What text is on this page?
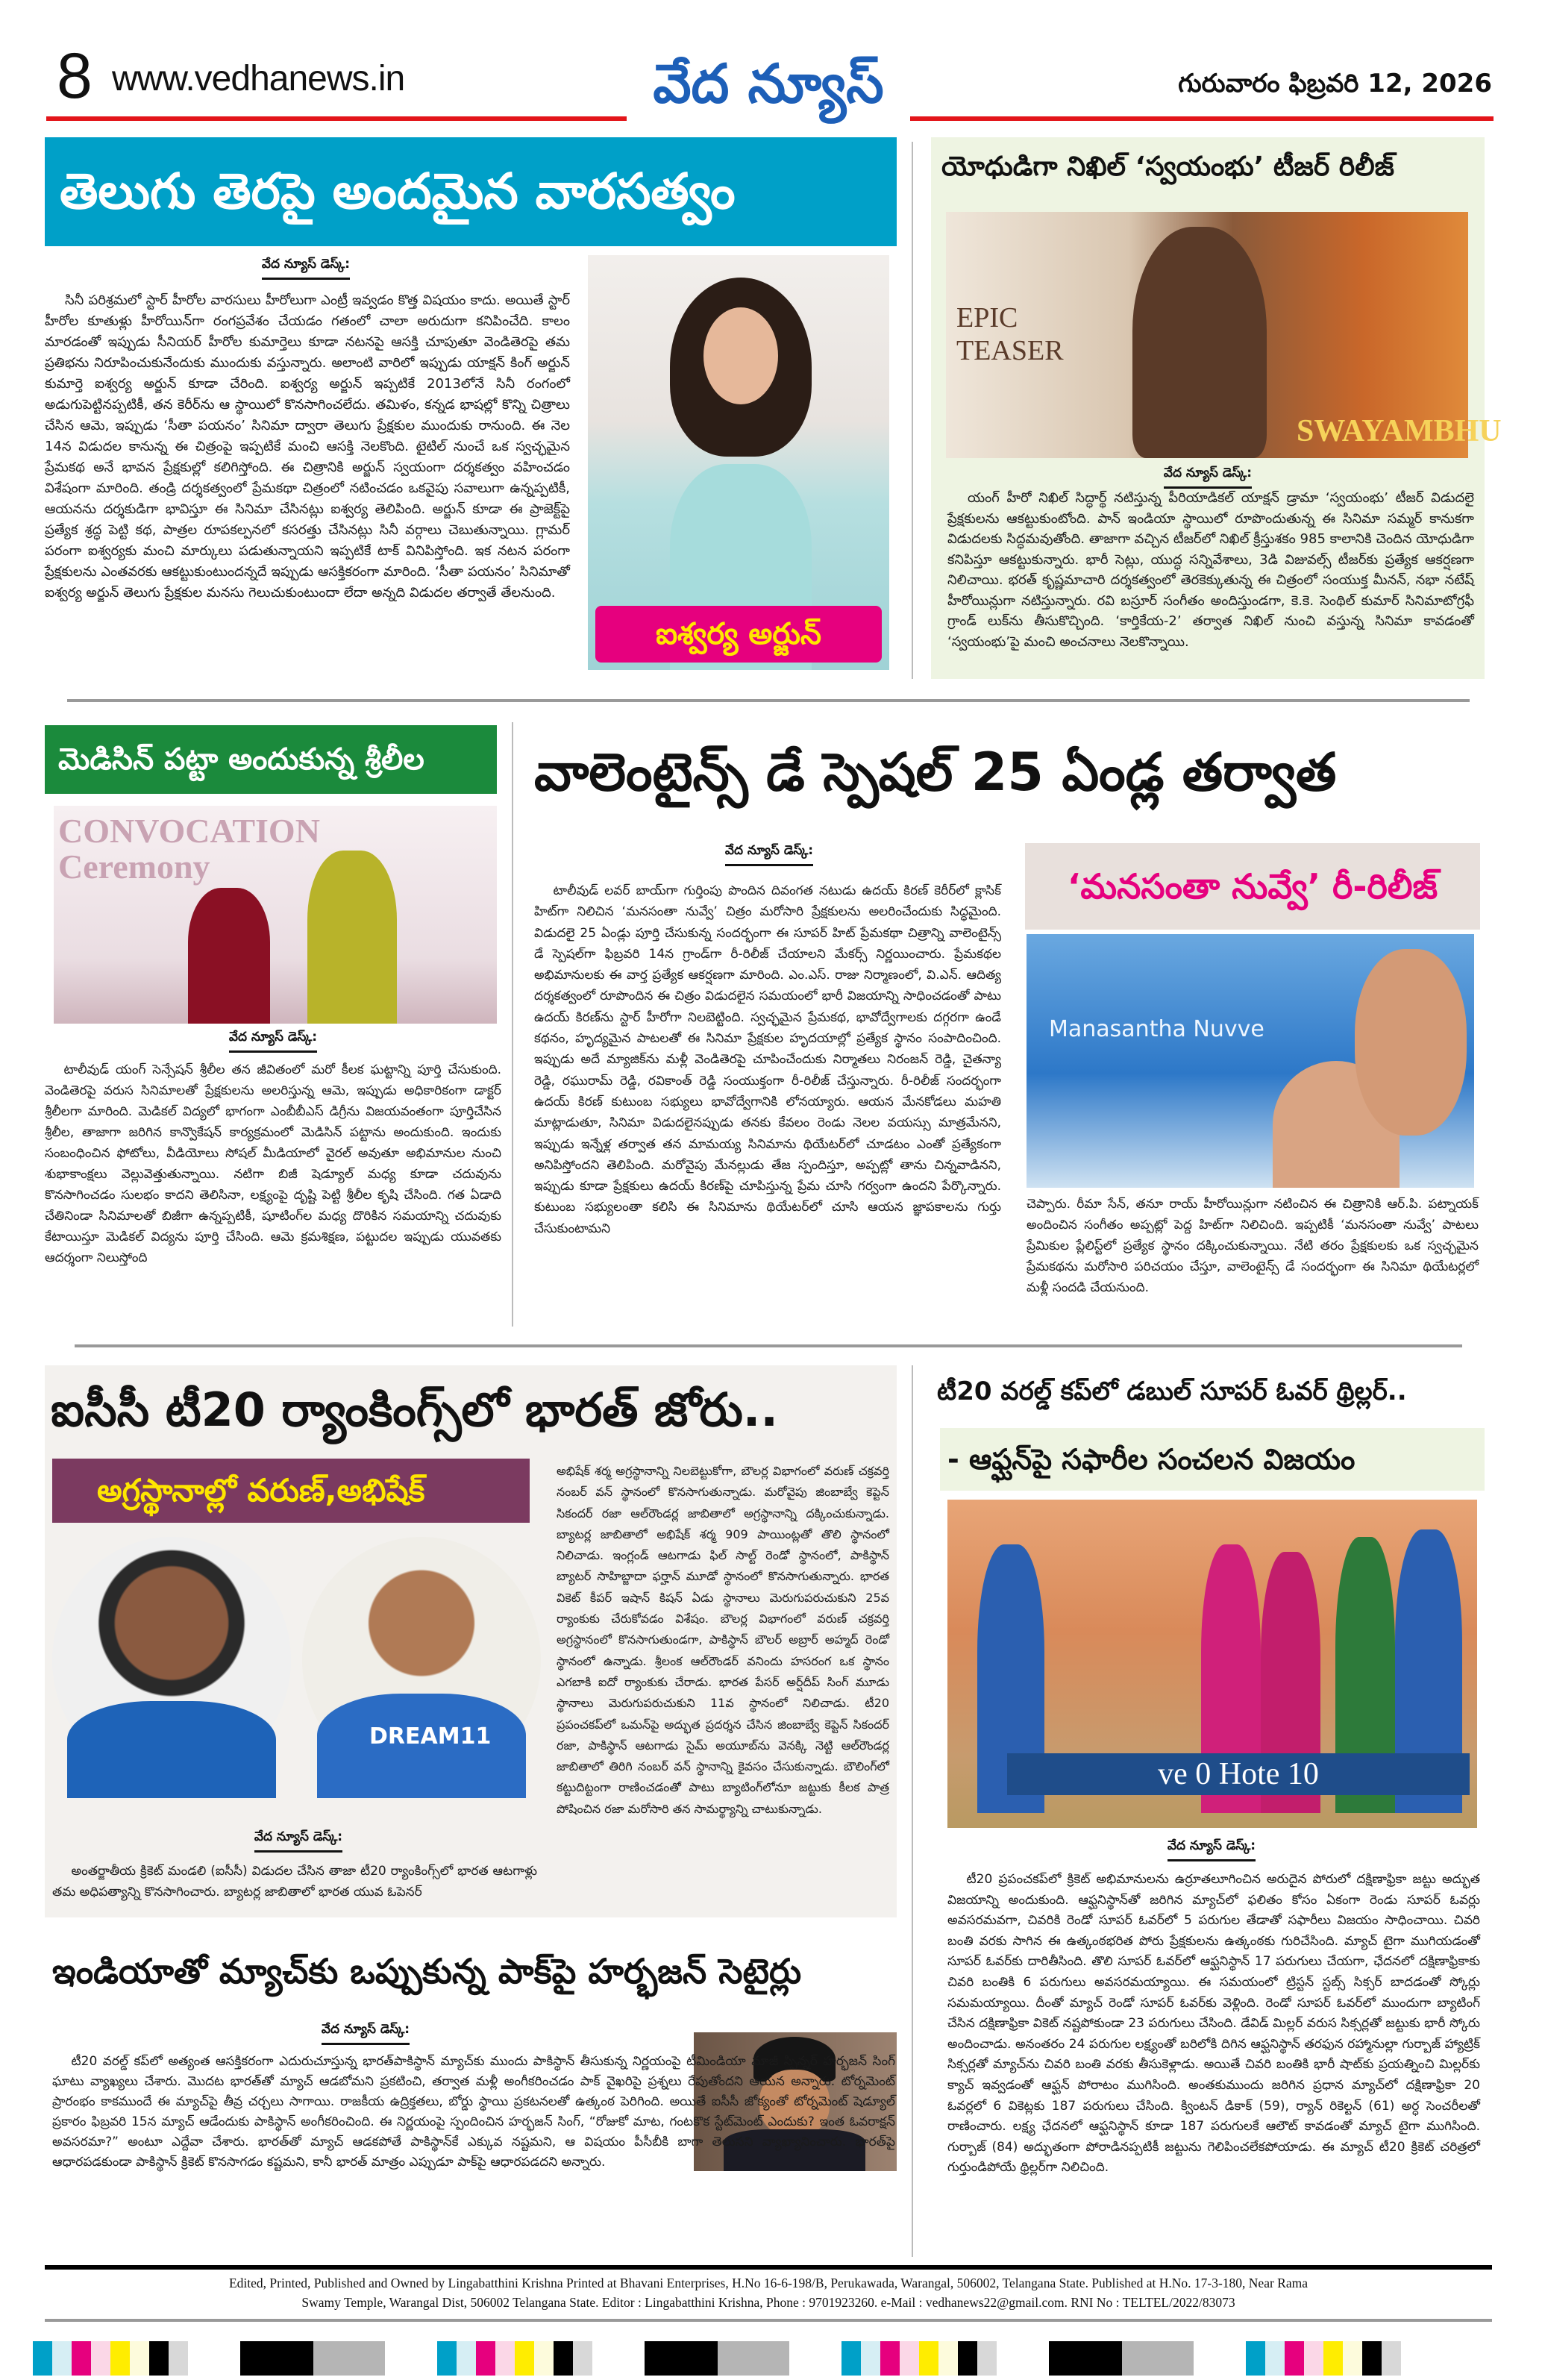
8 www.vedhanews.in	వేద న్యూస్	గురువారం ఫిబ్రవరి 12, 2026
తెలుగు తెరపై అందమైన వారసత్వం
వేద న్యూస్ డెస్క్:
సినీ పరిశ్రమలో స్టార్ హీరోల వారసులు హీరోలుగా ఎంట్రీ ఇవ్వడం కొత్త విషయం కాదు. అయితే స్టార్ హీరోల కూతుళ్లు హీరోయిన్‌గా రంగప్రవేశం చేయడం గతంలో చాలా అరుదుగా కనిపించేది. కాలం మారడంతో ఇప్పుడు సీనియర్ హీరోల కుమార్తెలు కూడా నటనపై ఆసక్తి చూపుతూ వెండితెరపై తమ ప్రతిభను నిరూపించుకునేందుకు ముందుకు వస్తున్నారు. అలాంటి వారిలో ఇప్పుడు యాక్షన్ కింగ్ అర్జున్ కుమార్తె ఐశ్వర్య అర్జున్ కూడా చేరింది. ఐశ్వర్య అర్జున్ ఇప్పటికే 2013లోనే సినీ రంగంలో అడుగుపెట్టినప్పటికీ, తన కెరీర్‌ను ఆ స్థాయిలో కొనసాగించలేదు. తమిళం, కన్నడ భాషల్లో కొన్ని చిత్రాలు చేసిన ఆమె, ఇప్పుడు ‘సీతా పయనం’ సినిమా ద్వారా తెలుగు ప్రేక్షకుల ముందుకు రానుంది. ఈ నెల 14న విడుదల కానున్న ఈ చిత్రంపై ఇప్పటికే మంచి ఆసక్తి నెలకొంది. టైటిల్ నుంచే ఒక స్వచ్ఛమైన ప్రేమకథ అనే భావన ప్రేక్షకుల్లో కలిగిస్తోంది. ఈ చిత్రానికి అర్జున్ స్వయంగా దర్శకత్వం వహించడం విశేషంగా మారింది. తండ్రి దర్శకత్వంలో ప్రేమకథా చిత్రంలో నటించడం ఒకవైపు సవాలుగా ఉన్నప్పటికీ, ఆయనను దర్శకుడిగా భావిస్తూ ఈ సినిమా చేసినట్లు ఐశ్వర్య తెలిపింది. అర్జున్ కూడా ఈ ప్రాజెక్ట్‌పై ప్రత్యేక శ్రద్ధ పెట్టి కథ, పాత్రల రూపకల్పనలో కసరత్తు చేసినట్లు సినీ వర్గాలు చెబుతున్నాయి. గ్లామర్ పరంగా ఐశ్వర్యకు మంచి మార్కులు పడుతున్నాయని ఇప్పటికే టాక్ వినిపిస్తోంది. ఇక నటన పరంగా ప్రేక్షకులను ఎంతవరకు ఆకట్టుకుంటుందన్నదే ఇప్పుడు ఆసక్తికరంగా మారింది. ‘సీతా పయనం’ సినిమాతో ఐశ్వర్య అర్జున్ తెలుగు ప్రేక్షకుల మనసు గెలుచుకుంటుందా లేదా అన్నది విడుదల తర్వాతే తేలనుంది.
ఐశ్వర్య అర్జున్
యోధుడిగా నిఖిల్ ‘స్వయంభు’ టీజర్ రిలీజ్
EPIC TEASER
SWAYAMBHU
వేద న్యూస్ డెస్క్:
యంగ్ హీరో నిఖిల్ సిద్ధార్థ్ నటిస్తున్న పీరియాడికల్ యాక్షన్ డ్రామా ‘స్వయంభు’ టీజర్ విడుదలై ప్రేక్షకులను ఆకట్టుకుంటోంది. పాన్ ఇండియా స్థాయిలో రూపొందుతున్న ఈ సినిమా సమ్మర్ కానుకగా విడుదలకు సిద్ధమవుతోంది. తాజాగా వచ్చిన టీజర్‌లో నిఖిల్ క్రీస్తుశకం 985 కాలానికి చెందిన యోధుడిగా కనిపిస్తూ ఆకట్టుకున్నారు. భారీ సెట్లు, యుద్ధ సన్నివేశాలు, 3డి విజువల్స్ టీజర్‌కు ప్రత్యేక ఆకర్షణగా నిలిచాయి. భరత్ కృష్ణమాచారి దర్శకత్వంలో తెరకెక్కుతున్న ఈ చిత్రంలో సంయుక్త మీనన్, నభా నటేష్ హీరోయిన్లుగా నటిస్తున్నారు. రవి బస్రూర్ సంగీతం అందిస్తుండగా, కె.కె. సెంథిల్ కుమార్ సినిమాటోగ్రఫీ గ్రాండ్ లుక్‌ను తీసుకొచ్చింది. ‘కార్తికేయ-2’ తర్వాత నిఖిల్ నుంచి వస్తున్న సినిమా కావడంతో ‘స్వయంభు’పై మంచి అంచనాలు నెలకొన్నాయి.
మెడిసిన్ పట్టా అందుకున్న శ్రీలీల
CONVOCATION Ceremony
వేద న్యూస్ డెస్క్:
టాలీవుడ్ యంగ్ సెన్సేషన్ శ్రీలీల తన జీవితంలో మరో కీలక ఘట్టాన్ని పూర్తి చేసుకుంది. వెండితెరపై వరుస సినిమాలతో ప్రేక్షకులను అలరిస్తున్న ఆమె, ఇప్పుడు అధికారికంగా డాక్టర్ శ్రీలీలగా మారింది. మెడికల్ విద్యలో భాగంగా ఎంబీబీఎస్ డిగ్రీను విజయవంతంగా పూర్తిచేసిన శ్రీలీల, తాజాగా జరిగిన కాన్వొకేషన్ కార్యక్రమంలో మెడిసిన్ పట్టాను అందుకుంది. ఇందుకు సంబంధించిన ఫోటోలు, వీడియోలు సోషల్ మీడియాలో వైరల్ అవుతూ అభిమానుల నుంచి శుభాకాంక్షలు వెల్లువెత్తుతున్నాయి. నటిగా బిజీ షెడ్యూల్ మధ్య కూడా చదువును కొనసాగించడం సులభం కాదని తెలిసినా, లక్ష్యంపై దృష్టి పెట్టి శ్రీలీల కృషి చేసింది. గత ఏడాది చేతినిండా సినిమాలతో బిజీగా ఉన్నప్పటికీ, షూటింగ్‌ల మధ్య దొరికిన సమయాన్ని చదువుకు కేటాయిస్తూ మెడికల్ విద్యను పూర్తి చేసింది. ఆమె క్రమశిక్షణ, పట్టుదల ఇప్పుడు యువతకు ఆదర్శంగా నిలుస్తోంది
వాలెంటైన్స్ డే స్పెషల్ 25 ఏండ్ల తర్వాత
వేద న్యూస్ డెస్క్:
టాలీవుడ్ లవర్ బాయ్‌గా గుర్తింపు పొందిన దివంగత నటుడు ఉదయ్ కిరణ్ కెరీర్‌లో క్లాసిక్ హిట్‌గా నిలిచిన ‘మనసంతా నువ్వే’ చిత్రం మరోసారి ప్రేక్షకులను అలరించేందుకు సిద్ధమైంది. విడుదలై 25 ఏండ్లు పూర్తి చేసుకున్న సందర్భంగా ఈ సూపర్ హిట్ ప్రేమకథా చిత్రాన్ని వాలెంటైన్స్ డే స్పెషల్‌గా ఫిబ్రవరి 14న గ్రాండ్‌గా రీ-రిలీజ్ చేయాలని మేకర్స్ నిర్ణయించారు. ప్రేమకథల అభిమానులకు ఈ వార్త ప్రత్యేక ఆకర్షణగా మారింది. ఎం.ఎస్. రాజు నిర్మాణంలో, వి.ఎన్. ఆదిత్య దర్శకత్వంలో రూపొందిన ఈ చిత్రం విడుదలైన సమయంలో భారీ విజయాన్ని సాధించడంతో పాటు ఉదయ్ కిరణ్‌ను స్టార్ హీరోగా నిలబెట్టింది. స్వచ్ఛమైన ప్రేమకథ, భావోద్వేగాలకు దగ్గరగా ఉండే కథనం, హృద్యమైన పాటలతో ఈ సినిమా ప్రేక్షకుల హృదయాల్లో ప్రత్యేక స్థానం సంపాదించింది. ఇప్పుడు అదే మ్యాజిక్‌ను మళ్లీ వెండితెరపై చూపించేందుకు నిర్మాతలు నిరంజన్ రెడ్డి, చైతన్యా రెడ్డి, రఘురామ్ రెడ్డి, రవికాంత్ రెడ్డి సంయుక్తంగా రీ-రిలీజ్ చేస్తున్నారు. రీ-రిలీజ్ సందర్భంగా ఉదయ్ కిరణ్ కుటుంబ సభ్యులు భావోద్వేగానికి లోనయ్యారు. ఆయన మేనకోడలు మహతి మాట్లాడుతూ, సినిమా విడుదలైనప్పుడు తనకు కేవలం రెండు నెలల వయస్సు మాత్రమేనని, ఇప్పుడు ఇన్నేళ్ల తర్వాత తన మామయ్య సినిమాను థియేటర్‌లో చూడటం ఎంతో ప్రత్యేకంగా అనిపిస్తోందని తెలిపింది. మరోవైపు మేనల్లుడు తేజ స్పందిస్తూ, అప్పట్లో తాను చిన్నవాడినని, ఇప్పుడు కూడా ప్రేక్షకులు ఉదయ్ కిరణ్‌పై చూపిస్తున్న ప్రేమ చూసి గర్వంగా ఉందని పేర్కొన్నారు. కుటుంబ సభ్యులంతా కలిసి ఈ సినిమాను థియేటర్‌లో చూసి ఆయన జ్ఞాపకాలను గుర్తు చేసుకుంటామని
‘మనసంతా నువ్వే’ రీ-రిలీజ్
Manasantha Nuvve
చెప్పారు. రీమా సేన్, తనూ రాయ్ హీరోయిన్లుగా నటించిన ఈ చిత్రానికి ఆర్.పి. పట్నాయక్ అందించిన సంగీతం అప్పట్లో పెద్ద హిట్‌గా నిలిచింది. ఇప్పటికీ ‘మనసంతా నువ్వే’ పాటలు ప్రేమికుల ప్లేలిస్ట్‌లో ప్రత్యేక స్థానం దక్కించుకున్నాయి. నేటి తరం ప్రేక్షకులకు ఒక స్వచ్ఛమైన ప్రేమకథను మరోసారి పరిచయం చేస్తూ, వాలెంటైన్స్ డే సందర్భంగా ఈ సినిమా థియేటర్లలో మళ్లీ సందడి చేయనుంది.
ఐసీసీ టీ20 ర్యాంకింగ్స్‌లో భారత్ జోరు..
అగ్రస్థానాల్లో వరుణ్,అభిషేక్
DREAM11
వేద న్యూస్ డెస్క్:
అంతర్జాతీయ క్రికెట్ మండలి (ఐసీసీ) విడుదల చేసిన తాజా టీ20 ర్యాంకింగ్స్‌లో భారత ఆటగాళ్లు తమ అధిపత్యాన్ని కొనసాగించారు. బ్యాటర్ల జాబితాలో భారత యువ ఓపెనర్
అభిషేక్ శర్మ అగ్రస్థానాన్ని నిలబెట్టుకోగా, బౌలర్ల విభాగంలో వరుణ్ చక్రవర్తి నంబర్ వన్ స్థానంలో కొనసాగుతున్నాడు. మరోవైపు జింబాబ్వే కెప్టెన్ సికందర్ రజా ఆల్‌రౌండర్ల జాబితాలో అగ్రస్థానాన్ని దక్కించుకున్నాడు. బ్యాటర్ల జాబితాలో అభిషేక్ శర్మ 909 పాయింట్లతో తొలి స్థానంలో నిలిచాడు. ఇంగ్లండ్ ఆటగాడు ఫిల్ సాల్ట్ రెండో స్థానంలో, పాకిస్థాన్ బ్యాటర్ సాహిబ్జాదా ఫర్హాన్ మూడో స్థానంలో కొనసాగుతున్నారు. భారత వికెట్ కీపర్ ఇషాన్ కిషన్ ఏడు స్థానాలు మెరుగుపరుచుకుని 25వ ర్యాంకుకు చేరుకోవడం విశేషం. బౌలర్ల విభాగంలో వరుణ్ చక్రవర్తి అగ్రస్థానంలో కొనసాగుతుండగా, పాకిస్థాన్ బౌలర్ అబ్రార్ అహ్మద్ రెండో స్థానంలో ఉన్నాడు. శ్రీలంక ఆల్‌రౌండర్ వనిందు హసరంగ ఒక స్థానం ఎగబాకి ఐదో ర్యాంకుకు చేరాడు. భారత పేసర్ అర్ష్‌దీప్ సింగ్ మూడు స్థానాలు మెరుగుపరుచుకుని 11వ స్థానంలో నిలిచాడు. టీ20 ప్రపంచకప్‌లో ఒమన్‌పై అద్భుత ప్రదర్శన చేసిన జింబాబ్వే కెప్టెన్ సికందర్ రజా, పాకిస్థాన్ ఆటగాడు సైమ్ అయూబ్‌ను వెనక్కి నెట్టి ఆల్‌రౌండర్ల జాబితాలో తిరిగి నంబర్ వన్ స్థానాన్ని కైవసం చేసుకున్నాడు. బౌలింగ్‌లో కట్టుదిట్టంగా రాణించడంతో పాటు బ్యాటింగ్‌లోనూ జట్టుకు కీలక పాత్ర పోషించిన రజా మరోసారి తన సామర్థ్యాన్ని చాటుకున్నాడు.
ఇండియాతో మ్యాచ్‌కు ఒప్పుకున్న పాక్‌పై హర్భజన్ సెటైర్లు
వేద న్యూస్ డెస్క్:
టీ20 వరల్డ్ కప్‌లో అత్యంత ఆసక్తికరంగా ఎదురుచూస్తున్న భారత్‌పాకిస్థాన్ మ్యాచ్‌కు ముందు పాకిస్థాన్ తీసుకున్న నిర్ణయంపై టీమిండియా మాజీ స్పిన్నర్ హర్భజన్ సింగ్ ఘాటు వ్యాఖ్యలు చేశారు. మొదట భారత్‌తో మ్యాచ్ ఆడబోమని ప్రకటించి, తర్వాత మళ్లీ అంగీకరించడం పాక్ వైఖరిపై ప్రశ్నలు రేపుతోందని ఆయన అన్నారు. టోర్నమెంట్ ప్రారంభం కాకముందే ఈ మ్యాచ్‌పై తీవ్ర చర్చలు సాగాయి. రాజకీయ ఉద్రిక్తతలు, బోర్డు స్థాయి ప్రకటనలతో ఉత్కంఠ పెరిగింది. అయితే ఐసీసీ జోక్యంతో టోర్నమెంట్ షెడ్యూల్ ప్రకారం ఫిబ్రవరి 15న మ్యాచ్ ఆడేందుకు పాకిస్థాన్ అంగీకరించింది. ఈ నిర్ణయంపై స్పందించిన హర్భజన్ సింగ్, “రోజుకో మాట, గంటకొక స్టేట్‌మెంట్ ఎందుకు? ఇంత ఓవరాక్షన్ అవసరమా?” అంటూ ఎద్దేవా చేశారు. భారత్‌తో మ్యాచ్ ఆడకపోతే పాకిస్థాన్‌కే ఎక్కువ నష్టమని, ఆ విషయం పీసీబీకి బాగా తెలుసని వ్యాఖ్యానించారు. భారత్‌పై ఆధారపడకుండా పాకిస్థాన్ క్రికెట్ కొనసాగడం కష్టమని, కానీ భారత్ మాత్రం ఎప్పుడూ పాక్‌పై ఆధారపడదని అన్నారు.
టీ20 వరల్డ్ కప్‌లో డబుల్ సూపర్ ఓవర్ థ్రిల్లర్..
- ఆఫ్ఘన్‌పై సఫారీల సంచలన విజయం
ve 0 Hote 10
వేద న్యూస్ డెస్క్:
టీ20 ప్రపంచకప్‌లో క్రికెట్ అభిమానులను ఉర్రూతలూగించిన అరుదైన పోరులో దక్షిణాఫ్రికా జట్టు అద్భుత విజయాన్ని అందుకుంది. ఆఫ్ఘనిస్థాన్‌తో జరిగిన మ్యాచ్‌లో ఫలితం కోసం ఏకంగా రెండు సూపర్ ఓవర్లు అవసరమవగా, చివరికి రెండో సూపర్ ఓవర్‌లో 5 పరుగుల తేడాతో సఫారీలు విజయం సాధించాయి. చివరి బంతి వరకు సాగిన ఈ ఉత్కంఠభరిత పోరు ప్రేక్షకులను ఉత్కంఠకు గురిచేసింది. మ్యాచ్ టైగా ముగియడంతో సూపర్ ఓవర్‌కు దారితీసింది. తొలి సూపర్ ఓవర్‌లో ఆఫ్ఘనిస్థాన్ 17 పరుగులు చేయగా, ఛేదనలో దక్షిణాఫ్రికాకు చివరి బంతికి 6 పరుగులు అవసరమయ్యాయి. ఈ సమయంలో ట్రిస్టన్ స్టబ్స్ సిక్సర్ బాదడంతో స్కోర్లు సమమయ్యాయి. దీంతో మ్యాచ్ రెండో సూపర్ ఓవర్‌కు వెళ్లింది. రెండో సూపర్ ఓవర్‌లో ముందుగా బ్యాటింగ్ చేసిన దక్షిణాఫ్రికా వికెట్ నష్టపోకుండా 23 పరుగులు చేసింది. డేవిడ్ మిల్లర్ వరుస సిక్సర్లతో జట్టుకు భారీ స్కోరు అందించాడు. అనంతరం 24 పరుగుల లక్ష్యంతో బరిలోకి దిగిన ఆఫ్ఘనిస్థాన్ తరఫున రహ్మానుల్లా గుర్బాజ్ హ్యాట్రిక్ సిక్సర్లతో మ్యాచ్‌ను చివరి బంతి వరకు తీసుకెళ్లాడు. అయితే చివరి బంతికి భారీ షాట్‌కు ప్రయత్నించి మిల్లర్‌కు క్యాచ్ ఇవ్వడంతో ఆఫ్ఘన్ పోరాటం ముగిసింది. అంతకుముందు జరిగిన ప్రధాన మ్యాచ్‌లో దక్షిణాఫ్రికా 20 ఓవర్లలో 6 వికెట్లకు 187 పరుగులు చేసింది. క్వింటన్ డికాక్ (59), ర్యాన్ రికెల్టన్ (61) అర్ధ సెంచరీలతో రాణించారు. లక్ష్య ఛేదనలో ఆఫ్ఘనిస్థాన్ కూడా 187 పరుగులకే ఆలౌట్ కావడంతో మ్యాచ్ టైగా ముగిసింది. గుర్బాజ్ (84) అద్భుతంగా పోరాడినప్పటికీ జట్టును గెలిపించలేకపోయాడు. ఈ మ్యాచ్ టీ20 క్రికెట్ చరిత్రలో గుర్తుండిపోయే థ్రిల్లర్‌గా నిలిచింది.
Edited, Printed, Published and Owned by Lingabatthini Krishna Printed at Bhavani Enterprises, H.No 16-6-198/B, Perukawada, Warangal, 506002, Telangana State. Published at H.No. 17-3-180, Near Rama
Swamy Temple, Warangal Dist, 506002 Telangana State. Editor : Lingabatthini Krishna, Phone : 9701923260. e-Mail : vedhanews22@gmail.com. RNI No : TELTEL/2022/83073
